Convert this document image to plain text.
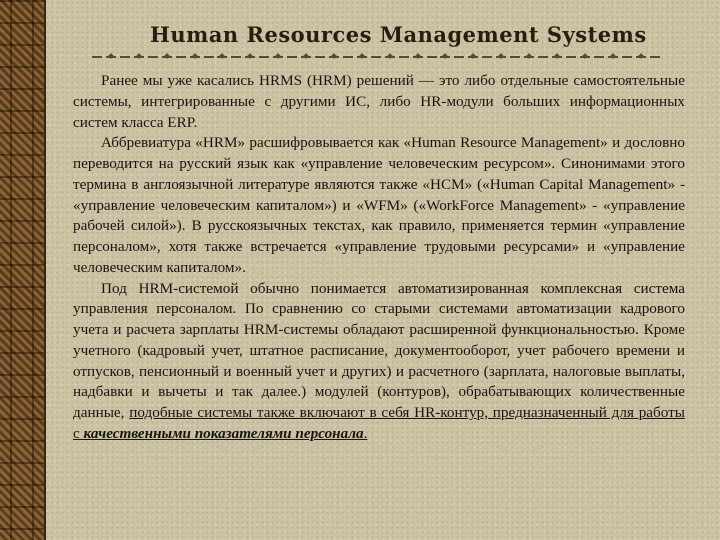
Human Resources Management Systems

Ранее мы уже касались HRMS (HRM) решений — это либо отдельные самостоятельные системы, интегрированные с другими ИС, либо HR-модули больших информационных систем класса ERP.

Аббревиатура «HRM» расшифровывается как «Human Resource Management» и дословно переводится на русский язык как «управление человеческим ресурсом». Синонимами этого термина в англоязычной литературе являются также «HCM» («Human Capital Management» - «управление человеческим капиталом») и «WFM» («WorkForce Management» - «управление рабочей силой»). В русскоязычных текстах, как правило, применяется термин «управление персоналом», хотя также встречается «управление трудовыми ресурсами» и «управление человеческим капиталом».

Под HRM-системой обычно понимается автоматизированная комплексная система управления персоналом. По сравнению со старыми системами автоматизации кадрового учета и расчета зарплаты HRM-системы обладают расширенной функциональностью. Кроме учетного (кадровый учет, штатное расписание, документооборот, учет рабочего времени и отпусков, пенсионный и военный учет и других) и расчетного (зарплата, налоговые выплаты, надбавки и вычеты и так далее.) модулей (контуров), обрабатывающих количественные данные, подобные системы также включают в себя HR-контур, предназначенный для работы с качественными показателями персонала.
